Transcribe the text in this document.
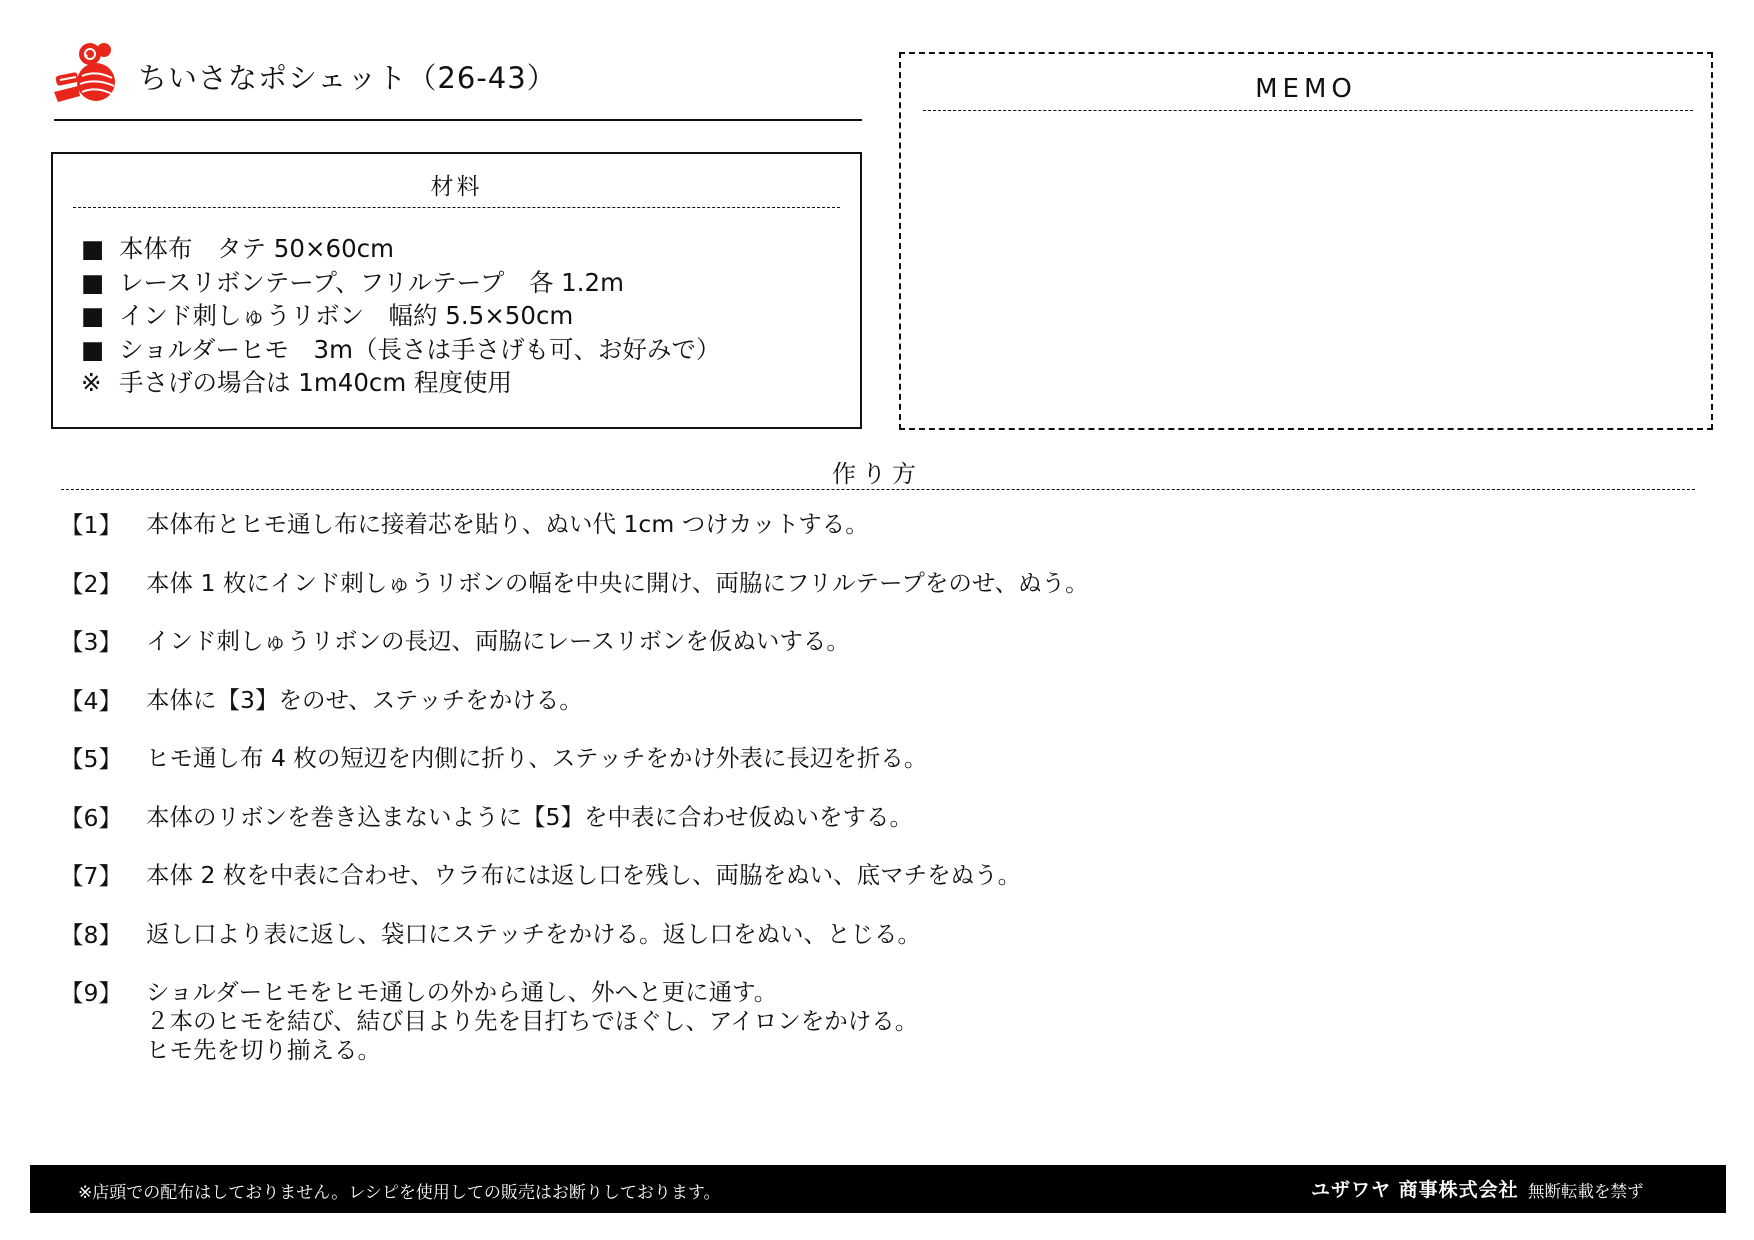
ちいさなポシェット（26-43）
材料
■ 本体布　タテ 50×60cm
■ レースリボンテープ、フリルテープ　各 1.2m
■ インド刺しゅうリボン　幅約 5.5×50cm
■ ショルダーヒモ　3m（長さは手さげも可、お好みで）
※ 手さげの場合は 1m40cm 程度使用
MEMO
作り方
【1】	本体布とヒモ通し布に接着芯を貼り、ぬい代 1cm つけカットする。
【2】	本体 1 枚にインド刺しゅうリボンの幅を中央に開け、両脇にフリルテープをのせ、ぬう。
【3】	インド刺しゅうリボンの長辺、両脇にレースリボンを仮ぬいする。
【4】	本体に【3】をのせ、ステッチをかける。
【5】	ヒモ通し布 4 枚の短辺を内側に折り、ステッチをかけ外表に長辺を折る。
【6】	本体のリボンを巻き込まないように【5】を中表に合わせ仮ぬいをする。
【7】	本体 2 枚を中表に合わせ、ウラ布には返し口を残し、両脇をぬい、底マチをぬう。
【8】	返し口より表に返し、袋口にステッチをかける。返し口をぬい、とじる。
【9】	ショルダーヒモをヒモ通しの外から通し、外へと更に通す。
２本のヒモを結び、結び目より先を目打ちでほぐし、アイロンをかける。
ヒモ先を切り揃える。
※店頭での配布はしておりません。レシピを使用しての販売はお断りしております。	ユザワヤ 商事株式会社 無断転載を禁ず
